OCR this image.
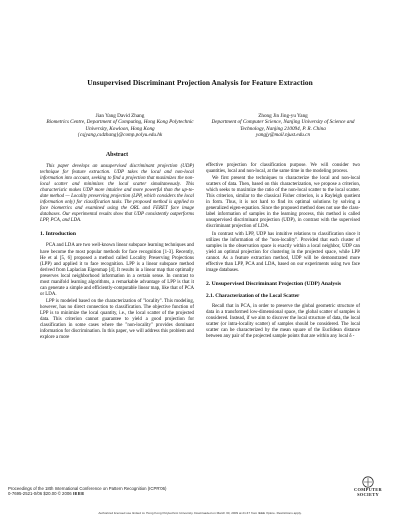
Unsupervised Discriminant Projection Analysis for Feature Extraction
Jian Yang David Zhang
Biometrics Centre, Department of Computing, Hong Kong Polytechnic University, Kowloon, Hong Kong
{csjyang,csdzhang}@comp.polyu.edu.hk
Zhong Jin Jing-yu Yang
Department of Computer Science, Nanjing University of Science and Technology, Nanjing 210094, P. R. China
yangjy@mail.njust.edu.cn
Abstract

This paper develops an unsupervised discriminant projection (UDP) technique for feature extraction. UDP takes the local and non-local information into account, seeking to find a projection that maximizes the non-local scatter and minimizes the local scatter simultaneously. This characteristic makes UDP more intuitive and more powerful than the up-to-date method — Locality preserving projection (LPP, which considers the local information only) for classification tasks. The proposed method is applied to face biometrics and examined using the ORL and FERET face image databases. Our experimental results show that UDP consistently outperforms LPP, PCA, and LDA.

1. Introduction

PCA and LDA are two well-known linear subspace learning techniques and have become the most popular methods for face recognition [1-3]. Recently, He et al [5, 6] proposed a method called Locality Preserving Projections (LPP) and applied it to face recognition. LPP is a linear subspace method derived from Laplacian Eigenmap [4]. It results in a linear map that optimally preserves local neighborhood information in a certain sense. In contrast to most manifold learning algorithms, a remarkable advantage of LPP is that it can generate a simple and efficiently-computable linear map, like that of PCA or LDA.

LPP is modeled based on the characterization of "locality". This modeling, however, has no direct connection to classification. The objective function of LPP is to minimize the local quantity, i.e., the local scatter of the projected data. This criterion cannot guarantee to yield a good projection for classification in some cases where the "non-locality" provides dominant information for discrimination. In this paper, we will address this problem and explore a more

effective projection for classification purpose. We will consider two quantities, local and non-local, at the same time in the modeling process.

We first present the techniques to characterize the local and non-local scatters of data. Then, based on this characterization, we propose a criterion, which seeks to maximize the ratio of the non-local scatter to the local scatter. This criterion, similar to the classical Fisher criterion, is a Rayleigh quotient in form. Thus, it is not hard to find its optimal solutions by solving a generalized eigen-equation. Since the proposed method does not use the class-label information of samples in the learning process, this method is called unsupervised discriminant projection (UDP), in contrast with the supervised discriminant projection of LDA.

In contrast with LPP, UDP has intuitive relations to classification since it utilizes the information of the "non-locality". Provided that each cluster of samples in the observation space is exactly within a local neighbor, UDP can yield an optimal projection for clustering in the projected space, while LPP cannot. As a feature extraction method, UDP will be demonstrated more effective than LPP, PCA and LDA, based on our experiments using two face image databases.

2. Unsupervised Discriminant Projection (UDP) Analysis
2.1. Characterization of the Local Scatter

Recall that in PCA, in order to preserve the global geometric structure of data in a transformed low-dimensional space, the global scatter of samples is considered. Instead, if we aim to discover the local structure of data, the local scatter (or intra-locality scatter) of samples should be considered. The local scatter can be characterized by the mean square of the Euclidean distance between any pair of the projected sample points that are within any local δ -

Proceedings of the 18th International Conference on Pattern Recognition (ICPR'06)
0-7695-2521-0/06 $20.00 © 2006 IEEE
COMPUTER
SOCIETY
Authorized licensed use limited to: Hong Kong Polytechnic University. Downloaded on March 30, 2009 at 21:47 from IEEE Xplore. Restrictions apply.
